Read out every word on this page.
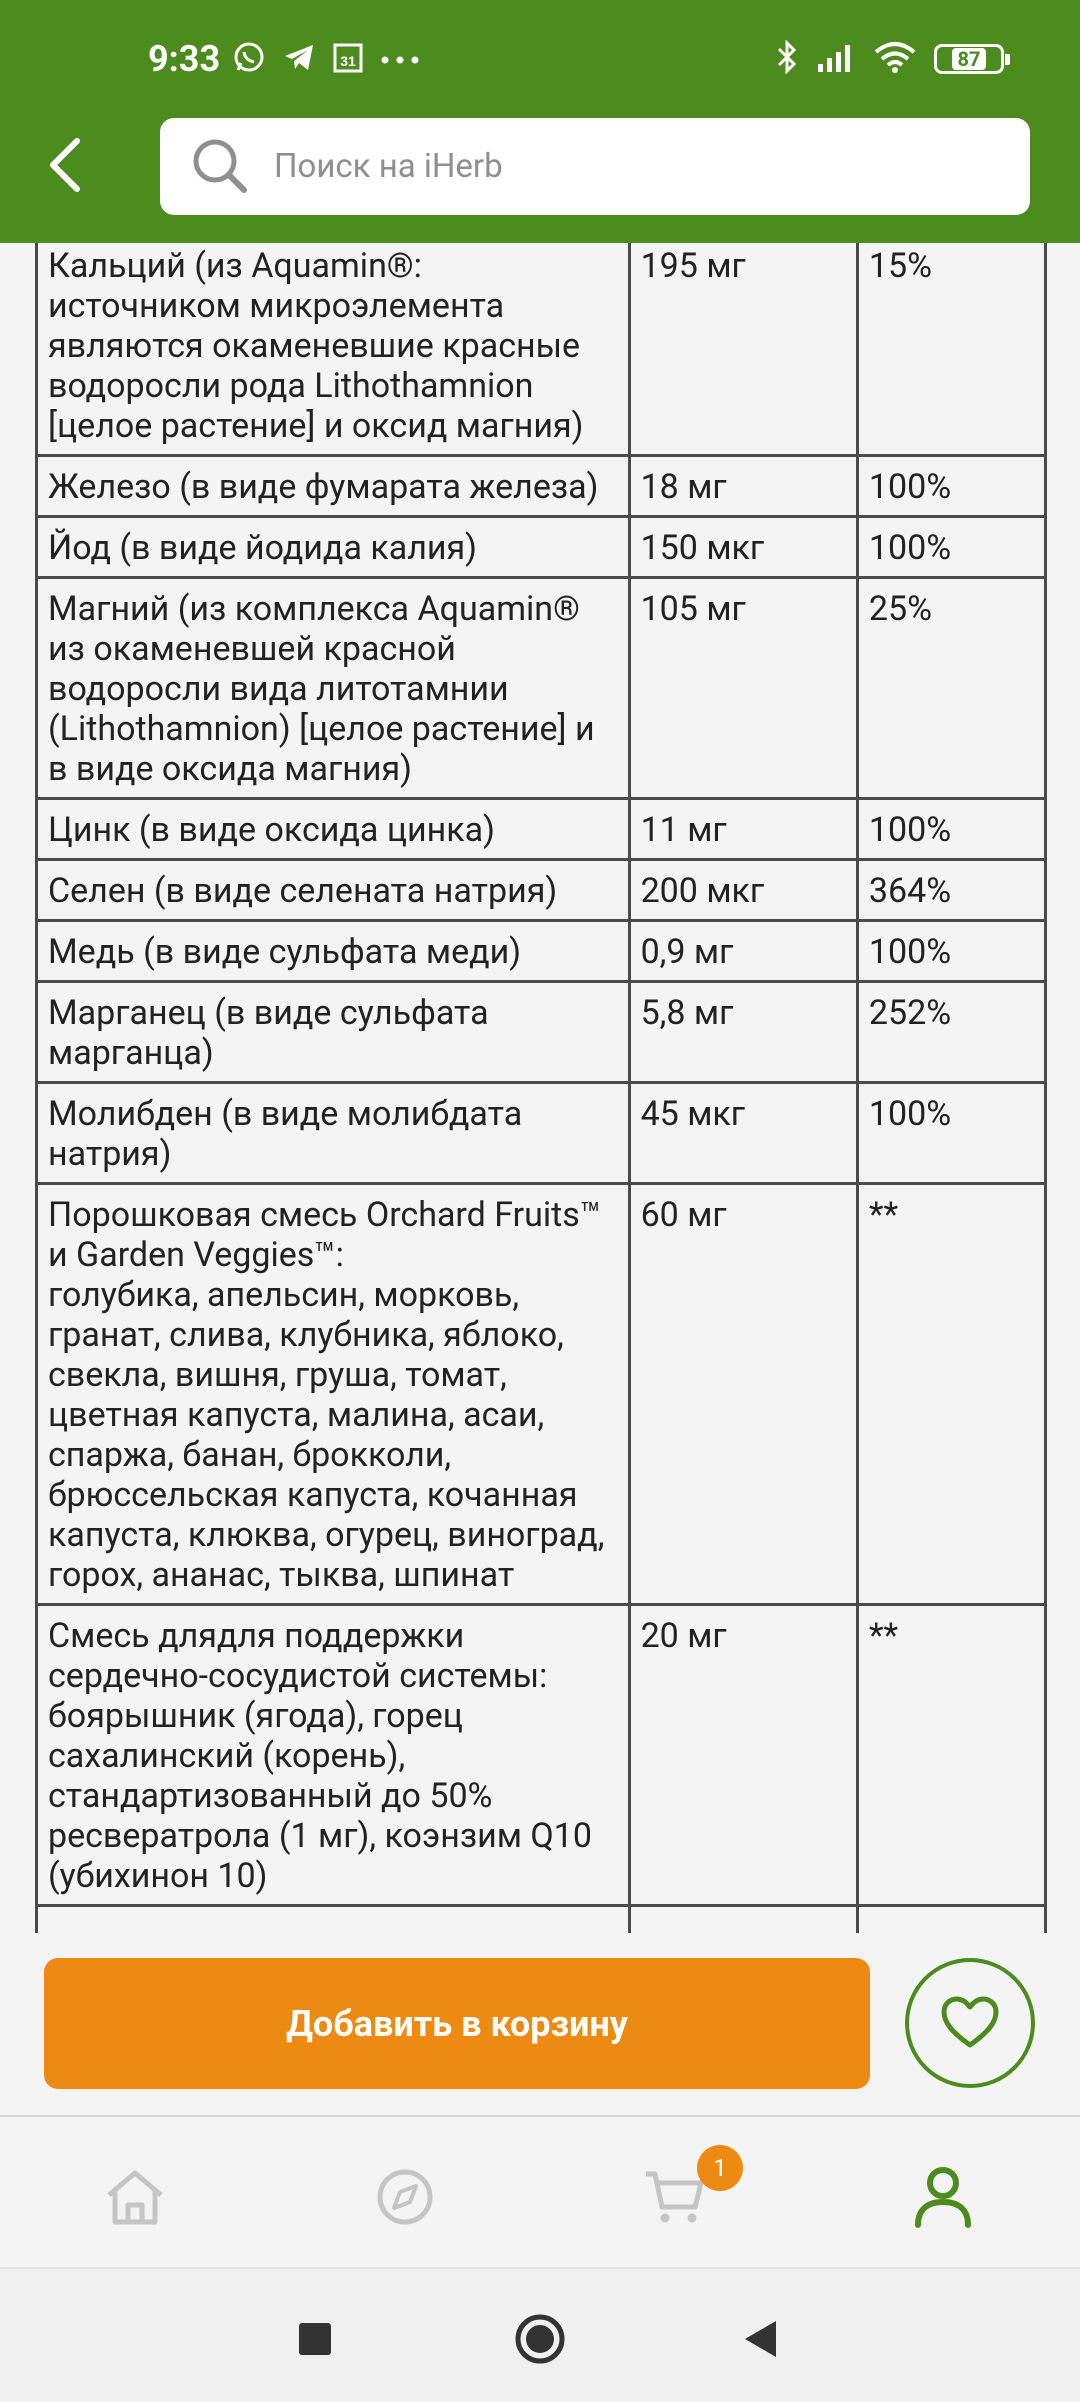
9:33	31	87
Поиск на iHerb
Кальций (из Aquamin®: источником микроэлемента являются окаменевшие красные водоросли рода Lithothamnion [целое растение] и оксид магния)	195 мг	15%
Железо (в виде фумарата железа)	18 мг	100%
Йод (в виде йодида калия)	150 мкг	100%
Магний (из комплекса Aquamin® из окаменевшей красной водоросли вида литотамнии (Lithothamnion) [целое растение] и в виде оксида магния)	105 мг	25%
Цинк (в виде оксида цинка)	11 мг	100%
Селен (в виде селената натрия)	200 мкг	364%
Медь (в виде сульфата меди)	0,9 мг	100%
Марганец (в виде сульфата марганца)	5,8 мг	252%
Молибден (в виде молибдата натрия)	45 мкг	100%

Порошковая смесь Orchard Fruits™ и Garden Veggies™:
голубика, апельсин, морковь, гранат, слива, клубника, яблоко, свекла, вишня, груша, томат, цветная капуста, малина, асаи, спаржа, банан, брокколи, брюссельская капуста, кочанная капуста, клюква, огурец, виноград, горох, ананас, тыква, шпинат	60 мг	**
Смесь длядля поддержки сердечно-сосудистой системы: боярышник (ягода), горец сахалинский (корень), стандартизованный до 50% ресвератрола (1 мг), коэнзим Q10 (убихинон 10)	20 мг	**

Добавить в корзину
1
